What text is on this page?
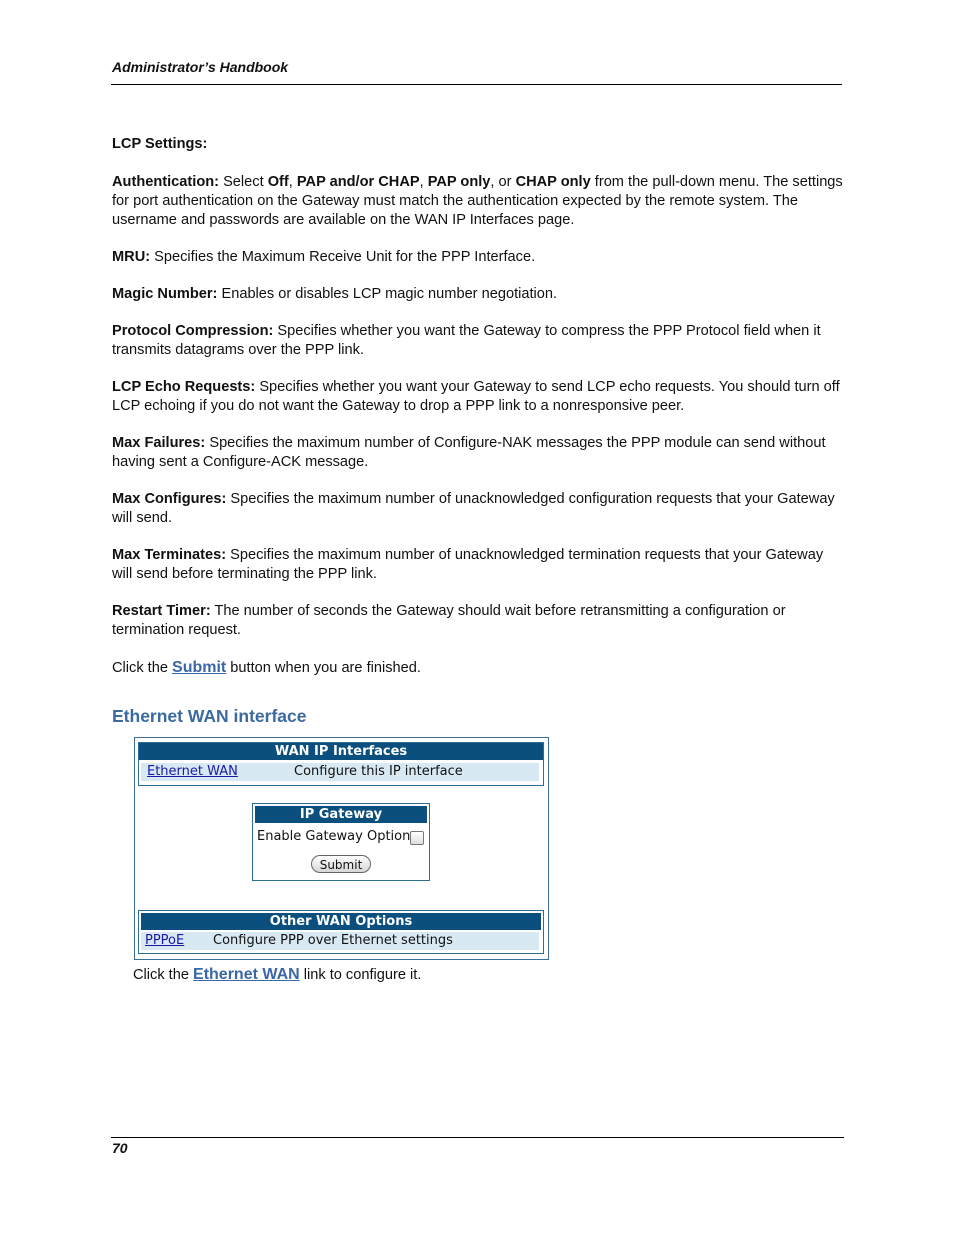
Administrator’s Handbook

LCP Settings:

Authentication: Select Off, PAP and/or CHAP, PAP only, or CHAP only from the pull-down menu. The settings for port authentication on the Gateway must match the authentication expected by the remote system. The username and passwords are available on the WAN IP Interfaces page.

MRU: Specifies the Maximum Receive Unit for the PPP Interface.

Magic Number: Enables or disables LCP magic number negotiation.

Protocol Compression: Specifies whether you want the Gateway to compress the PPP Protocol field when it transmits datagrams over the PPP link.

LCP Echo Requests: Specifies whether you want your Gateway to send LCP echo requests. You should turn off LCP echoing if you do not want the Gateway to drop a PPP link to a nonresponsive peer.

Max Failures: Specifies the maximum number of Configure-NAK messages the PPP module can send without having sent a Configure-ACK message.

Max Configures: Specifies the maximum number of unacknowledged configuration requests that your Gateway will send.

Max Terminates: Specifies the maximum number of unacknowledged termination requests that your Gateway will send before terminating the PPP link.

Restart Timer: The number of seconds the Gateway should wait before retransmitting a configuration or termination request.

Click the Submit button when you are finished.

Ethernet WAN interface
WAN IP Interfaces
Ethernet WAN	Configure this IP interface
IP Gateway
Enable Gateway Option
Submit
Other WAN Options
PPPoE Configure PPP over Ethernet settings
Click the Ethernet WAN link to configure it.
70
